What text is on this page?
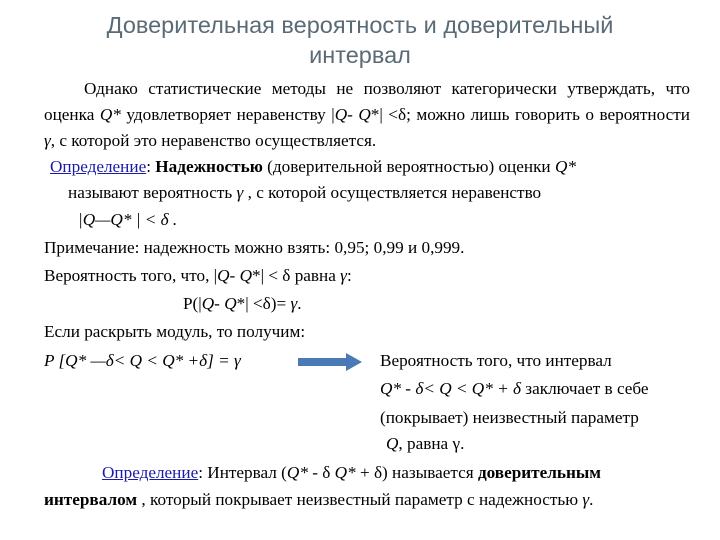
Доверительная вероятность и доверительный
интервал
Однако статистические методы не позволяют категорически утверждать, что оценка Q* удовлетворяет неравенству |Q- Q*| <δ; можно лишь говорить о вероятности γ, с которой это неравенство осуществляется.
Определение: Надежностью (доверительной вероятностью) оценки Q*
называют вероятность γ , с которой осуществляется неравенство
|Q—Q* | < δ .
Примечание: надежность можно взять: 0,95; 0,99 и 0,999.
Вероятность того, что, |Q- Q*| < δ равна γ:
P(|Q- Q*| <δ)= γ.
Если раскрыть модуль, то получим:
P [Q* —δ< Q < Q* +δ] = γ	Вероятность того, что интервал
Q* - δ< Q < Q* + δ заключает в себе
(покрывает) неизвестный параметр
Q, равна γ.
Определение: Интервал (Q* - δ Q* + δ) называется доверительным
интервалом , который покрывает неизвестный параметр с надежностью γ.
